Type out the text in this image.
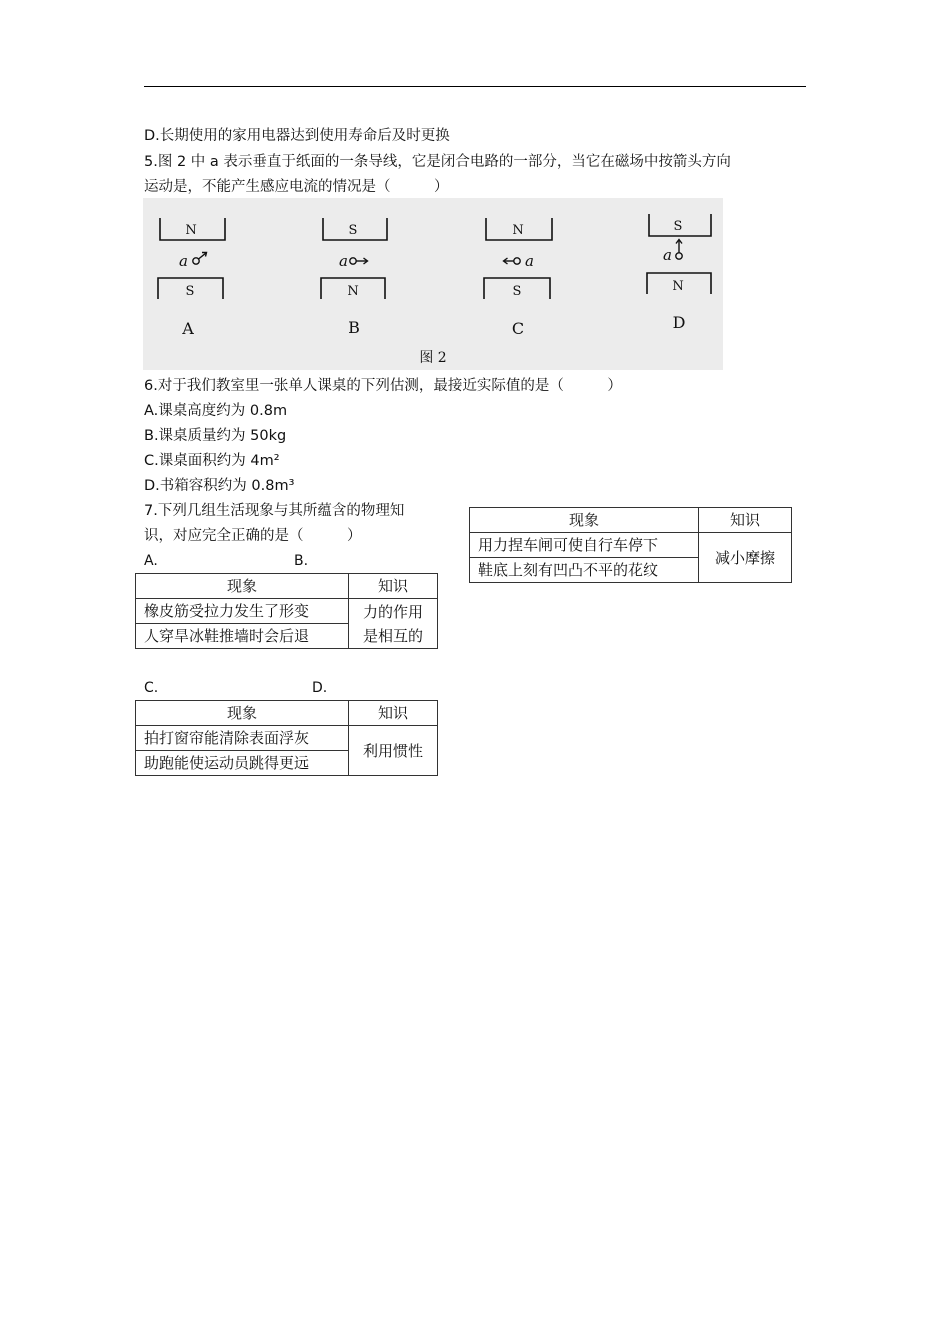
D.长期使用的家用电器达到使用寿命后及时更换
5.图 2 中 a 表示垂直于纸面的一条导线，它是闭合电路的一部分，当它在磁场中按箭头方向
运动是，不能产生感应电流的情况是（　　　）
N
S
S
N
N
S
S
N
a	a	a	a
A	B	C	D
图 2
6.对于我们教室里一张单人课桌的下列估测，最接近实际值的是（　　　）
A.课桌高度约为 0.8m
B.课桌质量约为 50kg
C.课桌面积约为 4m²
D.书箱容积约为 0.8m³
7.下列几组生活现象与其所蕴含的物理知
识，对应完全正确的是（　　　）
A.	B.
现象	知识
用力捏车闸可使自行车停下	减小摩擦
鞋底上刻有凹凸不平的花纹	
现象	知识
橡皮筋受拉力发生了形变	力的作用
是相互的

人穿旱冰鞋推墙时会后退	
C.	D.
现象	知识
拍打窗帘能清除表面浮灰	利用惯性
助跑能使运动员跳得更远	
